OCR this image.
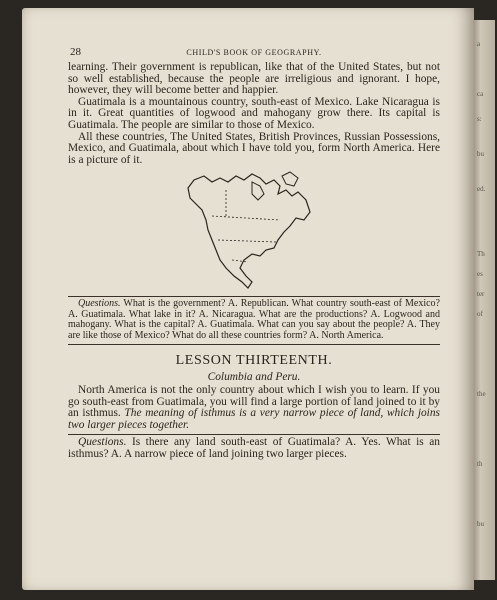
a
ca
s:
bu
ed.
Th
es
ter
of
the
th
bu
28	CHILD'S BOOK OF GEOGRAPHY.

learning. Their government is republican, like that of the United States, but not so well established, because the people are irreligious and ignorant. I hope, however, they will become better and happier.

Guatimala is a mountainous country, south-east of Mexico. Lake Nicaragua is in it. Great quantities of logwood and mahogany grow there. Its capital is Guatimala. The people are similar to those of Mexico.

All these countries, The United States, British Provinces, Russian Possessions, Mexico, and Guatimala, about which I have told you, form North America. Here is a picture of it.

Questions. What is the government? A. Republican. What country south-east of Mexico? A. Guatimala. What lake in it? A. Nicaragua. What are the productions? A. Logwood and mahogany. What is the capital? A. Guatimala. What can you say about the people? A. They are like those of Mexico? What do all these countries form? A. North America.

LESSON THIRTEENTH.
Columbia and Peru.

North America is not the only country about which I wish you to learn. If you go south-east from Guatimala, you will find a large portion of land joined to it by an isthmus. The meaning of isthmus is a very narrow piece of land, which joins two larger pieces together.

Questions. Is there any land south-east of Guatimala? A. Yes. What is an isthmus? A. A narrow piece of land joining two larger pieces.
